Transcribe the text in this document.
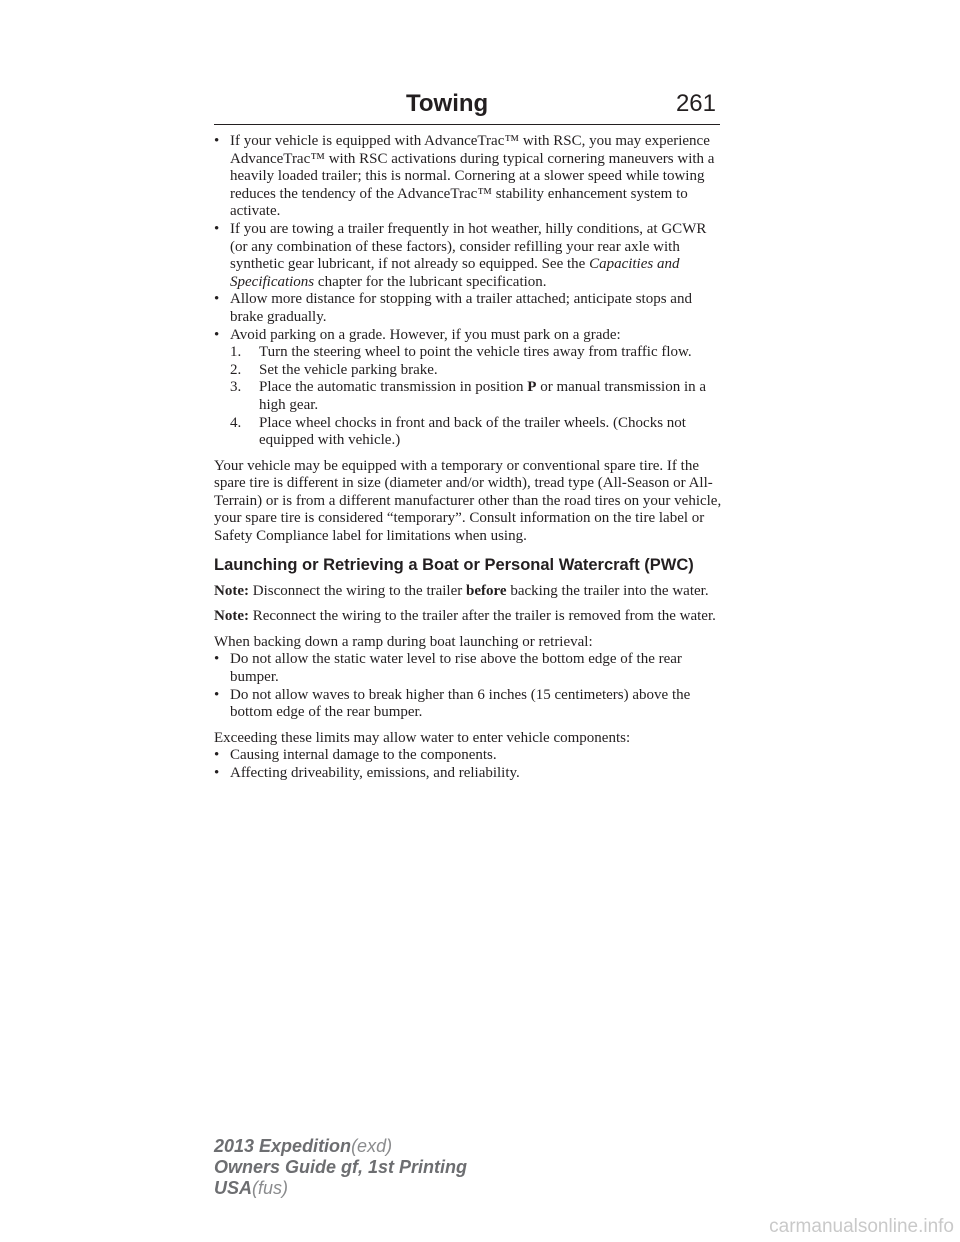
Towing	261
• If your vehicle is equipped with AdvanceTrac™ with RSC, you may experience AdvanceTrac™ with RSC activations during typical cornering maneuvers with a heavily loaded trailer; this is normal. Cornering at a slower speed while towing reduces the tendency of the AdvanceTrac™ stability enhancement system to activate.
• If you are towing a trailer frequently in hot weather, hilly conditions, at GCWR (or any combination of these factors), consider refilling your rear axle with synthetic gear lubricant, if not already so equipped. See the Capacities and Specifications chapter for the lubricant specification.
• Allow more distance for stopping with a trailer attached; anticipate stops and brake gradually.
• Avoid parking on a grade. However, if you must park on a grade:
1. Turn the steering wheel to point the vehicle tires away from traffic flow.
2. Set the vehicle parking brake.
3. Place the automatic transmission in position P or manual transmission in a high gear.
4. Place wheel chocks in front and back of the trailer wheels. (Chocks not equipped with vehicle.)
Your vehicle may be equipped with a temporary or conventional spare tire. If the spare tire is different in size (diameter and/or width), tread type (All-Season or All-Terrain) or is from a different manufacturer other than the road tires on your vehicle, your spare tire is considered “temporary”. Consult information on the tire label or Safety Compliance label for limitations when using.
Launching or Retrieving a Boat or Personal Watercraft (PWC)
Note: Disconnect the wiring to the trailer before backing the trailer into the water.
Note: Reconnect the wiring to the trailer after the trailer is removed from the water.
When backing down a ramp during boat launching or retrieval:
• Do not allow the static water level to rise above the bottom edge of the rear bumper.
• Do not allow waves to break higher than 6 inches (15 centimeters) above the bottom edge of the rear bumper.
Exceeding these limits may allow water to enter vehicle components:
• Causing internal damage to the components.
• Affecting driveability, emissions, and reliability.
2013 Expedition(exd)
Owners Guide gf, 1st Printing
USA(fus)
carmanualsonline.info
